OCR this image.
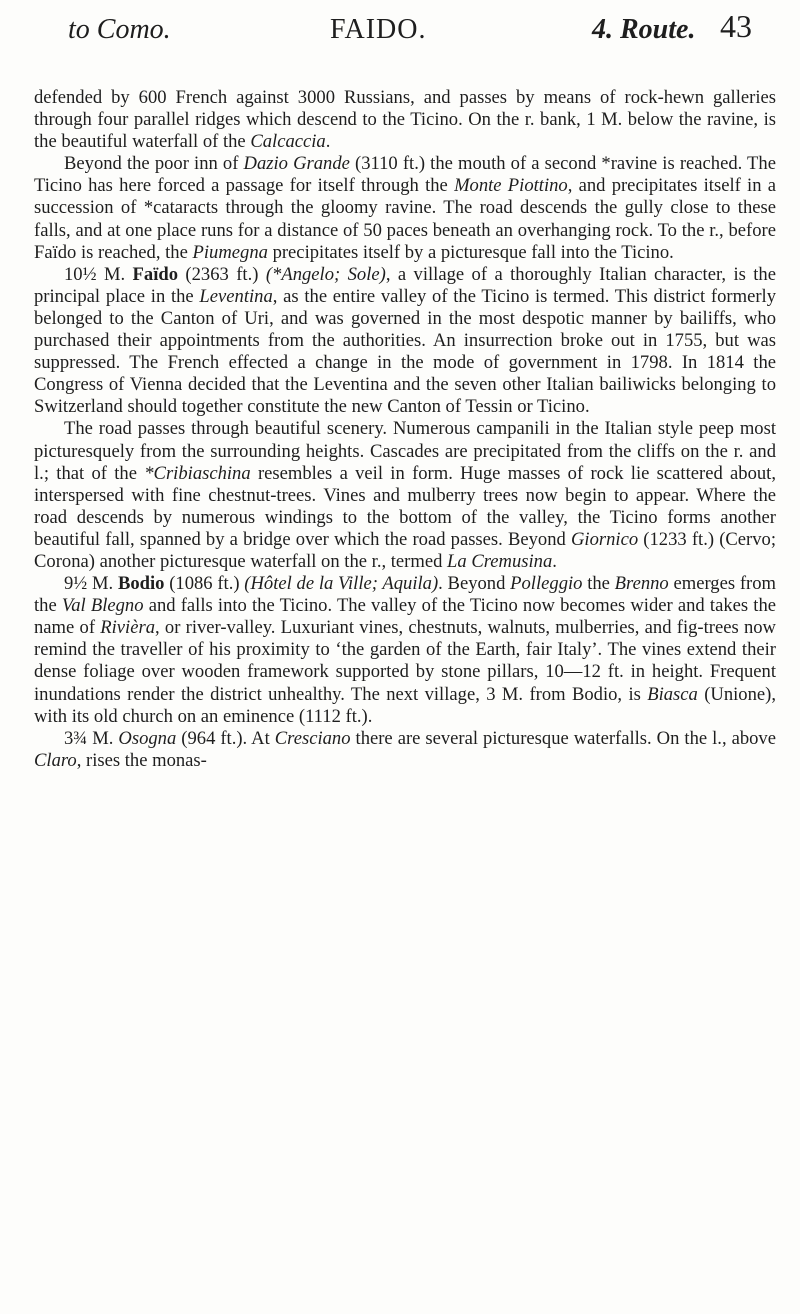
to Como.	FAIDO.	4. Route. 43

defended by 600 French against 3000 Russians, and passes by means of rock-hewn galleries through four parallel ridges which descend to the Ticino. On the r. bank, 1 M. below the ravine, is the beautiful waterfall of the Calcaccia.

Beyond the poor inn of Dazio Grande (3110 ft.) the mouth of a second *ravine is reached. The Ticino has here forced a passage for itself through the Monte Piottino, and precipitates itself in a succession of *cataracts through the gloomy ravine. The road descends the gully close to these falls, and at one place runs for a distance of 50 paces beneath an overhanging rock. To the r., before Faïdo is reached, the Piumegna precipitates itself by a picturesque fall into the Ticino.

10½ M. Faïdo (2363 ft.) (*Angelo; Sole), a village of a thoroughly Italian character, is the principal place in the Leventina, as the entire valley of the Ticino is termed. This district formerly belonged to the Canton of Uri, and was governed in the most despotic manner by bailiffs, who purchased their appointments from the authorities. An insurrection broke out in 1755, but was suppressed. The French effected a change in the mode of government in 1798. In 1814 the Congress of Vienna decided that the Leventina and the seven other Italian bailiwicks belonging to Switzerland should together constitute the new Canton of Tessin or Ticino.

The road passes through beautiful scenery. Numerous campanili in the Italian style peep most picturesquely from the surrounding heights. Cascades are precipitated from the cliffs on the r. and l.; that of the *Cribiaschina resembles a veil in form. Huge masses of rock lie scattered about, interspersed with fine chestnut-trees. Vines and mulberry trees now begin to appear. Where the road descends by numerous windings to the bottom of the valley, the Ticino forms another beautiful fall, spanned by a bridge over which the road passes. Beyond Giornico (1233 ft.) (Cervo; Corona) another picturesque waterfall on the r., termed La Cremusina.

9½ M. Bodio (1086 ft.) (Hôtel de la Ville; Aquila). Beyond Polleggio the Brenno emerges from the Val Blegno and falls into the Ticino. The valley of the Ticino now becomes wider and takes the name of Rivièra, or river-valley. Luxuriant vines, chestnuts, walnuts, mulberries, and fig-trees now remind the traveller of his proximity to ‘the garden of the Earth, fair Italy’. The vines extend their dense foliage over wooden framework supported by stone pillars, 10—12 ft. in height. Frequent inundations render the district unhealthy. The next village, 3 M. from Bodio, is Biasca (Unione), with its old church on an eminence (1112 ft.).

3¾ M. Osogna (964 ft.). At Cresciano there are several picturesque waterfalls. On the l., above Claro, rises the monas-
